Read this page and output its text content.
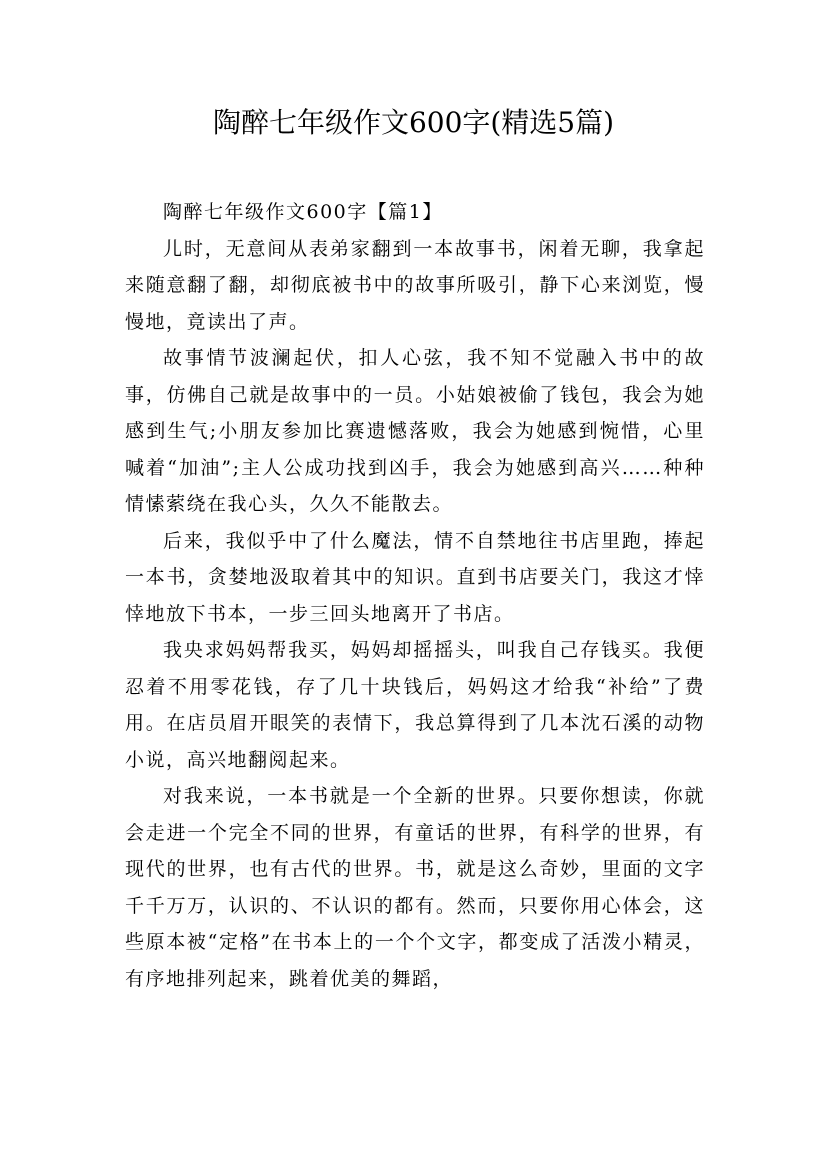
陶醉七年级作文600字(精选5篇)

陶醉七年级作文600字【篇1】

儿时，无意间从表弟家翻到一本故事书，闲着无聊，我拿起来随意翻了翻，却彻底被书中的故事所吸引，静下心来浏览，慢慢地，竟读出了声。

故事情节波澜起伏，扣人心弦，我不知不觉融入书中的故事，仿佛自己就是故事中的一员。小姑娘被偷了钱包，我会为她感到生气;小朋友参加比赛遗憾落败，我会为她感到惋惜，心里喊着“加油”;主人公成功找到凶手，我会为她感到高兴……种种情愫萦绕在我心头，久久不能散去。

后来，我似乎中了什么魔法，情不自禁地往书店里跑，捧起一本书，贪婪地汲取着其中的知识。直到书店要关门，我这才悻悻地放下书本，一步三回头地离开了书店。

我央求妈妈帮我买，妈妈却摇摇头，叫我自己存钱买。我便忍着不用零花钱，存了几十块钱后，妈妈这才给我“补给”了费用。在店员眉开眼笑的表情下，我总算得到了几本沈石溪的动物小说，高兴地翻阅起来。

对我来说，一本书就是一个全新的世界。只要你想读，你就会走进一个完全不同的世界，有童话的世界，有科学的世界，有现代的世界，也有古代的世界。书，就是这么奇妙，里面的文字千千万万，认识的、不认识的都有。然而，只要你用心体会，这些原本被“定格”在书本上的一个个文字，都变成了活泼小精灵，有序地排列起来，跳着优美的舞蹈，
